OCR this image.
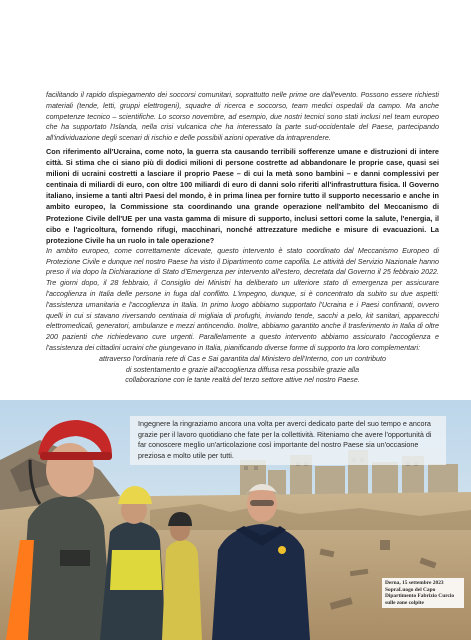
facilitando il rapido dispiegamento dei soccorsi comunitari, soprattutto nelle prime ore dall'evento. Possono essere richiesti materiali (tende, letti, gruppi elettrogeni), squadre di ricerca e soccorso, team medici ospedali da campo. Ma anche competenze tecnico – scientifiche. Lo scorso novembre, ad esempio, due nostri tecnici sono stati inclusi nel team europeo che ha supportato l'Islanda, nella crisi vulcanica che ha interessato la parte sud-occidentale del Paese, partecipando all'individuazione degli scenari di rischio e delle possibili azioni operative da intraprendere.

Con riferimento all'Ucraina, come noto, la guerra sta causando terribili sofferenze umane e distruzioni di intere città. Si stima che ci siano più di dodici milioni di persone costrette ad abbandonare le proprie case, quasi sei milioni di ucraini costretti a lasciare il proprio Paese – di cui la metà sono bambini – e danni complessivi per centinaia di miliardi di euro, con oltre 100 miliardi di euro di danni solo riferiti all'infrastruttura fisica. Il Governo italiano, insieme a tanti altri Paesi del mondo, è in prima linea per fornire tutto il supporto necessario e anche in ambito europeo, la Commissione sta coordinando una grande operazione nell'ambito del Meccanismo di Protezione Civile dell'UE per una vasta gamma di misure di supporto, inclusi settori come la salute, l'energia, il cibo e l'agricoltura, fornendo rifugi, macchinari, nonché attrezzature mediche e misure di evacuazioni. La protezione Civile ha un ruolo in tale operazione?

In ambito europeo, come correttamente dicevate, questo intervento è stato coordinato dal Meccanismo Europeo di Protezione Civile e dunque nel nostro Paese ha visto il Dipartimento come capofila. Le attività del Servizio Nazionale hanno preso il via dopo la Dichiarazione di Stato d'Emergenza per intervento all'estero, decretata dal Governo il 25 febbraio 2022. Tre giorni dopo, il 28 febbraio, il Consiglio dei Ministri ha deliberato un ulteriore stato di emergenza per assicurare l'accoglienza in Italia delle persone in fuga dal conflitto. L'impegno, dunque, si è concentrato da subito su due aspetti: l'assistenza umanitaria e l'accoglienza in Italia. In primo luogo abbiamo supportato l'Ucraina e i Paesi confinanti, ovvero quelli in cui si stavano riversando centinaia di migliaia di profughi, inviando tende, sacchi a pelo, kit sanitari, apparecchi elettromedicali, generatori, ambulanze e mezzi antincendio. Inoltre, abbiamo garantito anche il trasferimento in Italia di oltre 200 pazienti che richiedevano cure urgenti. Parallelamente a questo intervento abbiamo assicurato l'accoglienza e l'assistenza dei cittadini ucraini che giungevano in Italia, pianificando diverse forme di supporto tra loro complementari:

attraverso l'ordinaria rete di Cas e Sai garantita dal Ministero dell'Interno, con un contributo

di sostentamento e grazie all'accoglienza diffusa resa possibile grazie alla

collaborazione con le tante realtà del terzo settore attive nel nostro Paese.

Ingegnere la ringraziamo ancora una volta per averci dedicato parte del suo tempo e ancora grazie per il lavoro quotidiano che fate per la collettività. Riteniamo che avere l'opportunità di far conoscere meglio un'articolazione così importante del nostro Paese sia un'occasione preziosa e molto utile per tutti.

Derna, 15 settembre 2023 SopraLuogo del Capo Dipartimento Fabrizio Curcio sulle zone colpite
